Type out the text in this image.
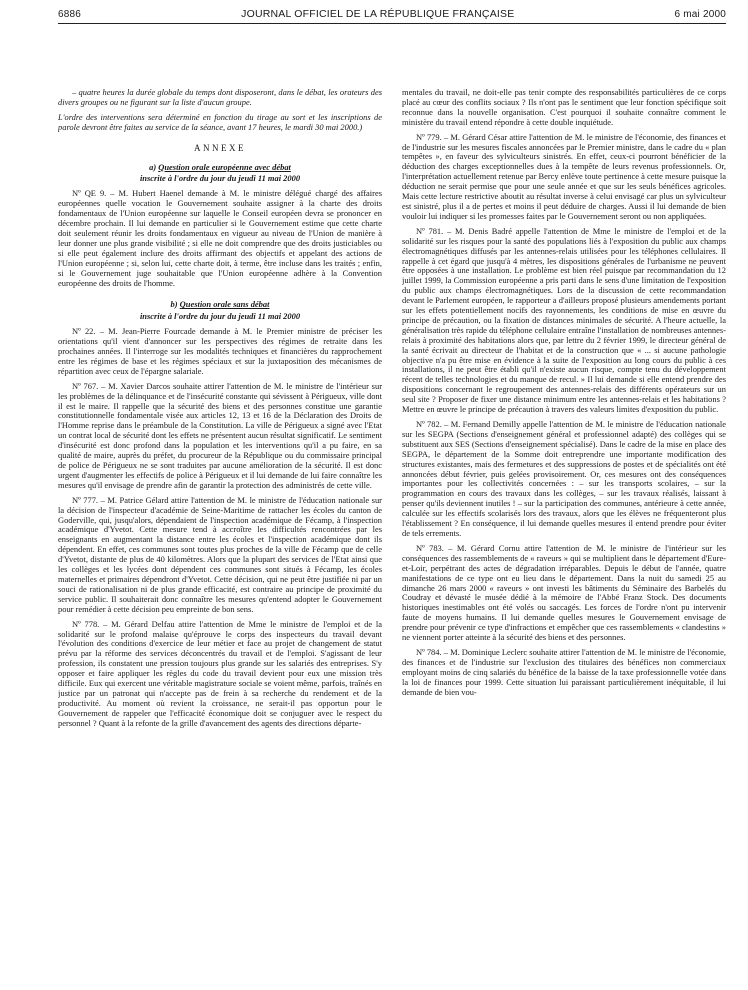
6886	JOURNAL OFFICIEL DE LA RÉPUBLIQUE FRANÇAISE	6 mai 2000

– quatre heures la durée globale du temps dont disposeront, dans le débat, les orateurs des divers groupes ou ne figurant sur la liste d'aucun groupe.

L'ordre des interventions sera déterminé en fonction du tirage au sort et les inscriptions de parole devront être faites au service de la séance, avant 17 heures, le mardi 30 mai 2000.)

ANNEXE

a) Question orale européenne avec débat

inscrite à l'ordre du jour du jeudi 11 mai 2000

Nº QE 9. – M. Hubert Haenel demande à M. le ministre délégué chargé des affaires européennes quelle vocation le Gouvernement souhaite assigner à la charte des droits fondamentaux de l'Union européenne sur laquelle le Conseil européen devra se prononcer en décembre prochain. Il lui demande en particulier si le Gouvernement estime que cette charte doit seulement réunir les droits fondamentaux en vigueur au niveau de l'Union de manière à leur donner une plus grande visibilité ; si elle ne doit comprendre que des droits justiciables ou si elle peut également inclure des droits affirmant des objectifs et appelant des actions de l'Union européenne ; si, selon lui, cette charte doit, à terme, être incluse dans les traités ; enfin, si le Gouvernement juge souhaitable que l'Union européenne adhère à la Convention européenne des droits de l'homme.

b) Question orale sans débat

inscrite à l'ordre du jour du jeudi 11 mai 2000

Nº 22. – M. Jean-Pierre Fourcade demande à M. le Premier ministre de préciser les orientations qu'il vient d'annoncer sur les perspectives des régimes de retraite dans les prochaines années. Il l'interroge sur les modalités techniques et financières du rapprochement entre les régimes de base et les régimes spéciaux et sur la juxtaposition des mécanismes de répartition avec ceux de l'épargne salariale.

Nº 767. – M. Xavier Darcos souhaite attirer l'attention de M. le ministre de l'intérieur sur les problèmes de la délinquance et de l'insécurité constante qui sévissent à Périgueux, ville dont il est le maire. Il rappelle que la sécurité des biens et des personnes constitue une garantie constitutionnelle fondamentale visée aux articles 12, 13 et 16 de la Déclaration des Droits de l'Homme reprise dans le préambule de la Constitution. La ville de Périgueux a signé avec l'Etat un contrat local de sécurité dont les effets ne présentent aucun résultat significatif. Le sentiment d'insécurité est donc profond dans la population et les interventions qu'il a pu faire, en sa qualité de maire, auprès du préfet, du procureur de la République ou du commissaire principal de police de Périgueux ne se sont traduites par aucune amélioration de la sécurité. Il est donc urgent d'augmenter les effectifs de police à Périgueux et il lui demande de lui faire connaître les mesures qu'il envisage de prendre afin de garantir la protection des administrés de cette ville.

Nº 777. – M. Patrice Gélard attire l'attention de M. le ministre de l'éducation nationale sur la décision de l'inspecteur d'académie de Seine-Maritime de rattacher les écoles du canton de Goderville, qui, jusqu'alors, dépendaient de l'inspection académique de Fécamp, à l'inspection académique d'Yvetot. Cette mesure tend à accroître les difficultés rencontrées par les enseignants en augmentant la distance entre les écoles et l'inspection académique dont ils dépendent. En effet, ces communes sont toutes plus proches de la ville de Fécamp que de celle d'Yvetot, distante de plus de 40 kilomètres. Alors que la plupart des services de l'Etat ainsi que les collèges et les lycées dont dépendent ces communes sont situés à Fécamp, les écoles maternelles et primaires dépendront d'Yvetot. Cette décision, qui ne peut être justifiée ni par un souci de rationalisation ni de plus grande efficacité, est contraire au principe de proximité du service public. Il souhaiterait donc connaître les mesures qu'entend adopter le Gouvernement pour remédier à cette décision peu empreinte de bon sens.

Nº 778. – M. Gérard Delfau attire l'attention de Mme le ministre de l'emploi et de la solidarité sur le profond malaise qu'éprouve le corps des inspecteurs du travail devant l'évolution des conditions d'exercice de leur métier et face au projet de changement de statut prévu par la réforme des services déconcentrés du travail et de l'emploi. S'agissant de leur profession, ils constatent une pression toujours plus grande sur les salariés des entreprises. S'y opposer et faire appliquer les règles du code du travail devient pour eux une mission très difficile. Eux qui exercent une véritable magistrature sociale se voient même, parfois, traînés en justice par un patronat qui n'accepte pas de frein à sa recherche du rendement et de la productivité. Au moment où revient la croissance, ne serait-il pas opportun pour le Gouvernement de rappeler que l'efficacité économique doit se conjuguer avec le respect du personnel ? Quant à la refonte de la grille d'avancement des agents des directions départe-

mentales du travail, ne doit-elle pas tenir compte des responsabilités particulières de ce corps placé au cœur des conflits sociaux ? Ils n'ont pas le sentiment que leur fonction spécifique soit reconnue dans la nouvelle organisation. C'est pourquoi il souhaite connaître comment le ministère du travail entend répondre à cette double inquiétude.

Nº 779. – M. Gérard César attire l'attention de M. le ministre de l'économie, des finances et de l'industrie sur les mesures fiscales annoncées par le Premier ministre, dans le cadre du « plan tempêtes », en faveur des sylviculteurs sinistrés. En effet, ceux-ci pourront bénéficier de la déduction des charges exceptionnelles dues à la tempête de leurs revenus professionnels. Or, l'interprétation actuellement retenue par Bercy enlève toute pertinence à cette mesure puisque la déduction ne serait permise que pour une seule année et que sur les seuls bénéfices agricoles. Mais cette lecture restrictive aboutit au résultat inverse à celui envisagé car plus un sylviculteur est sinistré, plus il a de pertes et moins il peut déduire de charges. Aussi il lui demande de bien vouloir lui indiquer si les promesses faites par le Gouvernement seront ou non appliquées.

Nº 781. – M. Denis Badré appelle l'attention de Mme le ministre de l'emploi et de la solidarité sur les risques pour la santé des populations liés à l'exposition du public aux champs électromagnétiques diffusés par les antennes-relais utilisées pour les téléphones cellulaires. Il rappelle à cet égard que jusqu'à 4 mètres, les dispositions générales de l'urbanisme ne peuvent être opposées à une installation. Le problème est bien réel puisque par recommandation du 12 juillet 1999, la Commission européenne a pris parti dans le sens d'une limitation de l'exposition du public aux champs électromagnétiques. Lors de la discussion de cette recommandation devant le Parlement européen, le rapporteur a d'ailleurs proposé plusieurs amendements portant sur les effets potentiellement nocifs des rayonnements, les conditions de mise en œuvre du principe de précaution, ou la fixation de distances minimales de sécurité. A l'heure actuelle, la généralisation très rapide du téléphone cellulaire entraîne l'installation de nombreuses antennes-relais à proximité des habitations alors que, par lettre du 2 février 1999, le directeur général de la santé écrivait au directeur de l'habitat et de la construction que « ... si aucune pathologie objective n'a pu être mise en évidence à la suite de l'exposition au long cours du public à ces installations, il ne peut être établi qu'il n'existe aucun risque, compte tenu du développement récent de telles technologies et du manque de recul. » Il lui demande si elle entend prendre des dispositions concernant le regroupement des antennes-relais des différents opérateurs sur un seul site ? Proposer de fixer une distance minimum entre les antennes-relais et les habitations ? Mettre en œuvre le principe de précaution à travers des valeurs limites d'exposition du public.

Nº 782. – M. Fernand Demilly appelle l'attention de M. le ministre de l'éducation nationale sur les SEGPA (Sections d'enseignement général et professionnel adapté) des collèges qui se substituent aux SES (Sections d'enseignement spécialisé). Dans le cadre de la mise en place des SEGPA, le département de la Somme doit entreprendre une importante modification des structures existantes, mais des fermetures et des suppressions de postes et de spécialités ont été annoncées début février, puis gelées provisoirement. Or, ces mesures ont des conséquences importantes pour les collectivités concernées : – sur les transports scolaires, – sur la programmation en cours des travaux dans les collèges, – sur les travaux réalisés, laissant à penser qu'ils deviennent inutiles ! – sur la participation des communes, antérieure à cette année, calculée sur les effectifs scolarisés lors des travaux, alors que les élèves ne fréquenteront plus l'établissement ? En conséquence, il lui demande quelles mesures il entend prendre pour éviter de tels errements.

Nº 783. – M. Gérard Cornu attire l'attention de M. le ministre de l'intérieur sur les conséquences des rassemblements de « raveurs » qui se multiplient dans le département d'Eure-et-Loir, perpétrant des actes de dégradation irréparables. Depuis le début de l'année, quatre manifestations de ce type ont eu lieu dans le département. Dans la nuit du samedi 25 au dimanche 26 mars 2000 « raveurs » ont investi les bâtiments du Séminaire des Barbelés du Coudray et dévasté le musée dédié à la mémoire de l'Abbé Franz Stock. Des documents historiques inestimables ont été volés ou saccagés. Les forces de l'ordre n'ont pu intervenir faute de moyens humains. Il lui demande quelles mesures le Gouvernement envisage de prendre pour prévenir ce type d'infractions et empêcher que ces rassemblements « clandestins » ne viennent porter atteinte à la sécurité des biens et des personnes.

Nº 784. – M. Dominique Leclerc souhaite attirer l'attention de M. le ministre de l'économie, des finances et de l'industrie sur l'exclusion des titulaires des bénéfices non commerciaux employant moins de cinq salariés du bénéfice de la baisse de la taxe professionnelle votée dans la loi de finances pour 1999. Cette situation lui paraissant particulièrement inéquitable, il lui demande de bien vou-
